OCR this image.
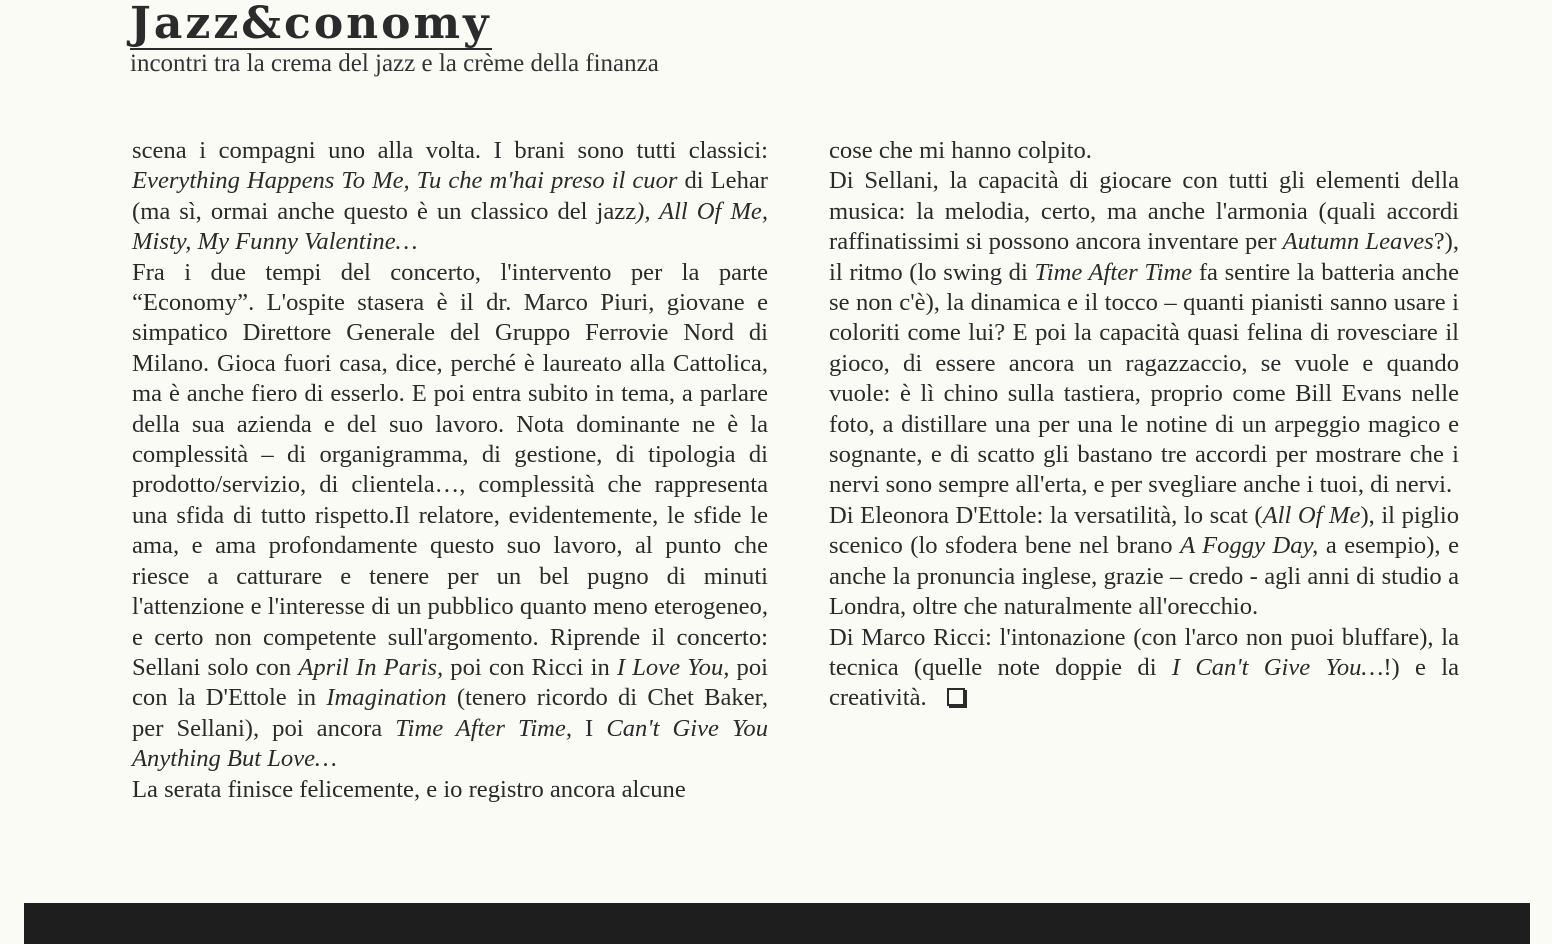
Jazz&conomy
incontri tra la crema del jazz e la crème della finanza

scena i compagni uno alla volta. I brani sono tutti classici: Everything Happens To Me, Tu che m'hai preso il cuor di Lehar (ma sì, ormai anche questo è un classico del jazz), All Of Me, Misty, My Funny Valentine…

Fra i due tempi del concerto, l'intervento per la parte “Economy”. L'ospite stasera è il dr. Marco Piuri, giovane e simpatico Direttore Generale del Gruppo Ferrovie Nord di Milano. Gioca fuori casa, dice, perché è laureato alla Cattolica, ma è anche fiero di esserlo. E poi entra subito in tema, a parlare della sua azienda e del suo lavoro. Nota dominante ne è la complessità – di organigramma, di gestione, di tipologia di prodotto/servizio, di clientela…, complessità che rappresenta una sfida di tutto rispetto.Il relatore, evidentemente, le sfide le ama, e ama profondamente questo suo lavoro, al punto che riesce a catturare e tenere per un bel pugno di minuti l'attenzione e l'interesse di un pubblico quanto meno eterogeneo, e certo non competente sull'argomento. Riprende il concerto: Sellani solo con April In Paris, poi con Ricci in I Love You, poi con la D'Ettole in Imagination (tenero ricordo di Chet Baker, per Sellani), poi ancora Time After Time, I Can't Give You Anything But Love…

La serata finisce felicemente, e io registro ancora alcune

cose che mi hanno colpito.

Di Sellani, la capacità di giocare con tutti gli elementi della musica: la melodia, certo, ma anche l'armonia (quali accordi raffinatissimi si possono ancora inventare per Autumn Leaves?), il ritmo (lo swing di Time After Time fa sentire la batteria anche se non c'è), la dinamica e il tocco – quanti pianisti sanno usare i coloriti come lui? E poi la capacità quasi felina di rovesciare il gioco, di essere ancora un ragazzaccio, se vuole e quando vuole: è lì chino sulla tastiera, proprio come Bill Evans nelle foto, a distillare una per una le notine di un arpeggio magico e sognante, e di scatto gli bastano tre accordi per mostrare che i nervi sono sempre all'erta, e per svegliare anche i tuoi, di nervi.

Di Eleonora D'Ettole: la versatilità, lo scat (All Of Me), il piglio scenico (lo sfodera bene nel brano A Foggy Day, a esempio), e anche la pronuncia inglese, grazie – credo - agli anni di studio a Londra, oltre che naturalmente all'orecchio.

Di Marco Ricci: l'intonazione (con l'arco non puoi bluffare), la tecnica (quelle note doppie di I Can't Give You…!) e la creatività.
